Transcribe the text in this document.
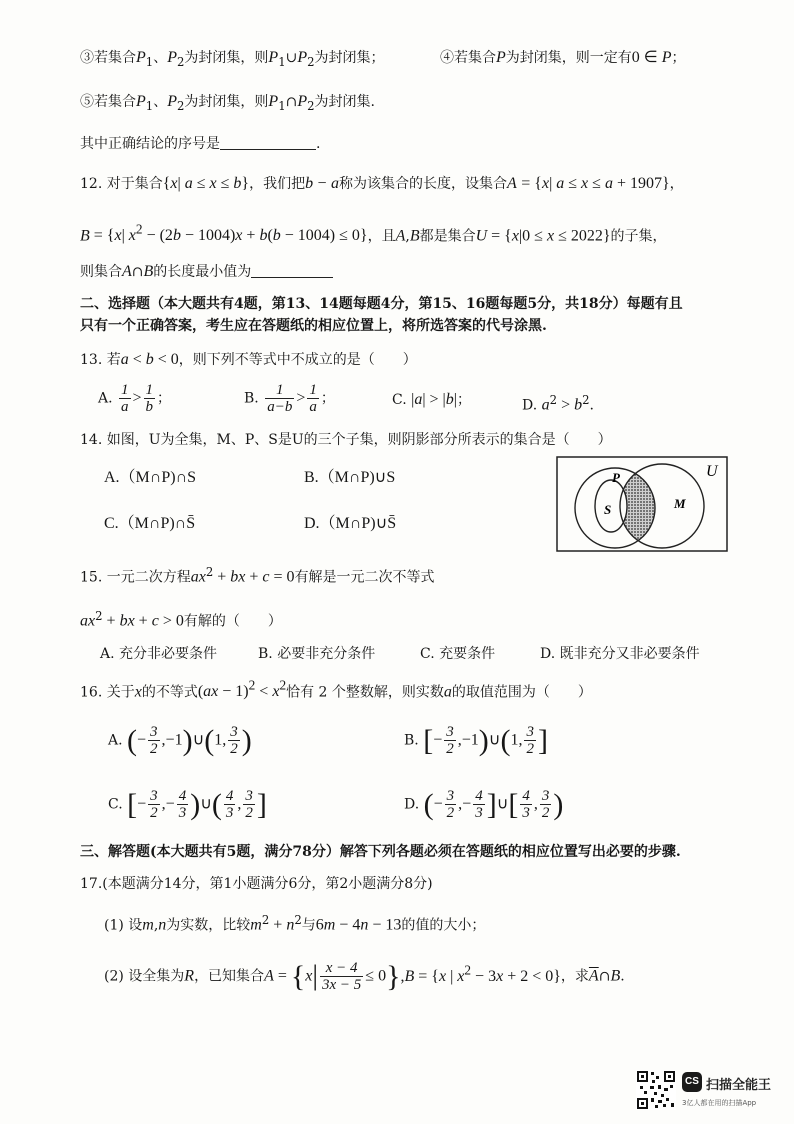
③若集合$P_1$、$P_2$为封闭集，则$P_1\cup P_2$为封闭集；	④若集合P为封闭集，则一定有0 ∈ P；
⑤若集合$P_1$、$P_2$为封闭集，则$P_1\cap P_2$为封闭集.
其中正确结论的序号是	.
12. 对于集合{x| a ≤ x ≤ b}，我们把b − a称为该集合的长度，设集合A = {x| a ≤ x ≤ a + 1907}，
B = {x| $x^2 - (2b - 1004)x + b(b - 1004) \le 0$}，且A,B都是集合U = {x|0 ≤ x ≤ 2022}的子集，
则集合A∩B的长度最小值为
二、选择题（本大题共有4题，第13、14题每题4分，第15、16题每题5分，共18分）每题有且
只有一个正确答案，考生应在答题纸的相应位置上，将所选答案的代号涂黑.
13. 若a < b < 0，则下列不等式中不成立的是（　　）
A. $\frac{1}{a} > \frac{1}{b}$ ；	B. $\frac{1}{a-b} > \frac{1}{a}$ ；	C. |a| > |b|；	D. $a^2 > b^2$.
14. 如图，U为全集，M、P、S是U的三个子集，则阴影部分所表示的集合是（　　）
A.（M∩P)∩S	B.（M∩P)∪S
C.（M∩P)∩S̄	D.（M∩P)∪S̄
U
P
S	M
15. 一元二次方程$ax^2$ + bx + c = 0有解是一元二次不等式
$ax^2$ + bx + c > 0有解的（　　）
A. 充分非必要条件	B. 必要非充分条件	C. 充要条件	D. 既非充分又非必要条件
16. 关于x的不等式$(ax - 1)^2 < x^2$恰有 2 个整数解，则实数a的取值范围为（　　）
A. (− $\frac{3}{2}$ ,−1)∪(1, $\frac{3}{2}$ )	B. [− $\frac{3}{2}$ ,−1)∪(1, $\frac{3}{2}$ ]
C. [− $\frac{3}{2}$ ,− $\frac{4}{3}$ )∪( $\frac{4}{3}$ , $\frac{3}{2}$ ]	D. (− $\frac{3}{2}$ ,− $\frac{4}{3}$ ]∪[ $\frac{4}{3}$ , $\frac{3}{2}$ )
三、解答题(本大题共有5题，满分78分）解答下列各题必须在答题纸的相应位置写出必要的步骤.
17.(本题满分14分，第1小题满分6分，第2小题满分8分)
(1) 设m,n为实数，比较$m^2 + n^2$与6m − 4n − 13的值的大小；
(2) 设全集为R，已知集合$A = \{x| \frac{x - 4}{3x - 5} \le 0\},B = \{x$ | $x^2 - 3x + 2 < 0$}，求$\overline{A}\cap B$.
CS 扫描全能王
3亿人都在用的扫描App
